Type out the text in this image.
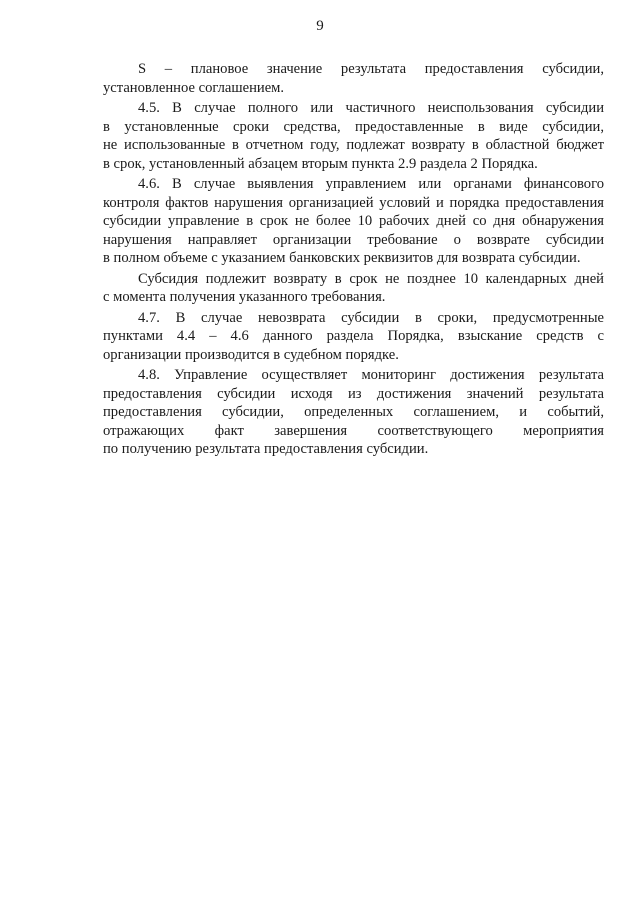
9
S – плановое значение результата предоставления субсидии,
установленное соглашением.
4.5. В случае полного или частичного неиспользования субсидии
в установленные сроки средства, предоставленные в виде субсидии,
не использованные в отчетном году, подлежат возврату в областной бюджет
в срок, установленный абзацем вторым пункта 2.9 раздела 2 Порядка.
4.6. В случае выявления управлением или органами финансового
контроля фактов нарушения организацией условий и порядка предоставления
субсидии управление в срок не более 10 рабочих дней со дня обнаружения
нарушения направляет организации требование о возврате субсидии
в полном объеме с указанием банковских реквизитов для возврата субсидии.
Субсидия подлежит возврату в срок не позднее 10 календарных дней
с момента получения указанного требования.
4.7. В случае невозврата субсидии в сроки, предусмотренные
пунктами 4.4 – 4.6 данного раздела Порядка, взыскание средств с
организации производится в судебном порядке.
4.8. Управление осуществляет мониторинг достижения результата
предоставления субсидии исходя из достижения значений результата
предоставления субсидии, определенных соглашением, и событий,
отражающих факт завершения соответствующего мероприятия
по получению результата предоставления субсидии.
